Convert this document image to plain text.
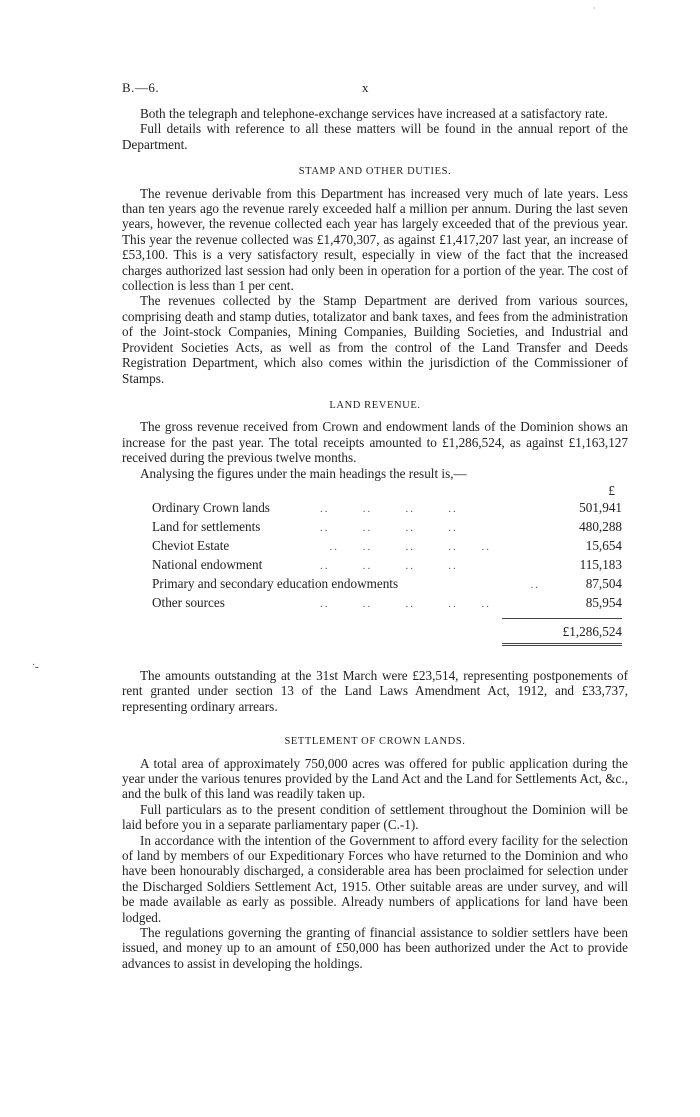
·
B.—6.	x

Both the telegraph and telephone-exchange services have increased at a satisfactory rate.

Full details with reference to all these matters will be found in the annual report of the Department.

STAMP AND OTHER DUTIES.

The revenue derivable from this Department has increased very much of late years. Less than ten years ago the revenue rarely exceeded half a million per annum. During the last seven years, however, the revenue collected each year has largely exceeded that of the previous year. This year the revenue collected was £1,470,307, as against £1,417,207 last year, an increase of £53,100. This is a very satisfactory result, especially in view of the fact that the increased charges authorized last session had only been in operation for a portion of the year. The cost of collection is less than 1 per cent.

The revenues collected by the Stamp Department are derived from various sources, comprising death and stamp duties, totalizator and bank taxes, and fees from the administration of the Joint-stock Companies, Mining Companies, Building Societies, and Industrial and Provident Societies Acts, as well as from the control of the Land Transfer and Deeds Registration Department, which also comes within the jurisdiction of the Commissioner of Stamps.

LAND REVENUE.

The gross revenue received from Crown and endowment lands of the Dominion shows an increase for the past year. The total receipts amounted to £1,286,524, as against £1,163,127 received during the previous twelve months.

Analysing the figures under the main headings the result is,—

£
Ordinary Crown lands	..       ..       ..       ..	501,941
Land for settlements	..       ..       ..       ..	480,288
Cheviot Estate	..     ..       ..       ..     ..	15,654
National endowment	..       ..       ..       ..	115,183
Primary and secondary education endowments	..	87,504
Other sources	..       ..       ..       ..     ..	85,954
£1,286,524

The amounts outstanding at the 31st March were £23,514, representing postponements of rent granted under section 13 of the Land Laws Amendment Act, 1912, and £33,737, representing ordinary arrears.

SETTLEMENT OF CROWN LANDS.

A total area of approximately 750,000 acres was offered for public application during the year under the various tenures provided by the Land Act and the Land for Settlements Act, &c., and the bulk of this land was readily taken up.

Full particulars as to the present condition of settlement throughout the Dominion will be laid before you in a separate parliamentary paper (C.-1).

In accordance with the intention of the Government to afford every facility for the selection of land by members of our Expeditionary Forces who have returned to the Dominion and who have been honourably discharged, a considerable area has been proclaimed for selection under the Discharged Soldiers Settlement Act, 1915. Other suitable areas are under survey, and will be made available as early as possible. Already numbers of applications for land have been lodged.

The regulations governing the granting of financial assistance to soldier settlers have been issued, and money up to an amount of £50,000 has been authorized under the Act to provide advances to assist in developing the holdings.

·ـ
